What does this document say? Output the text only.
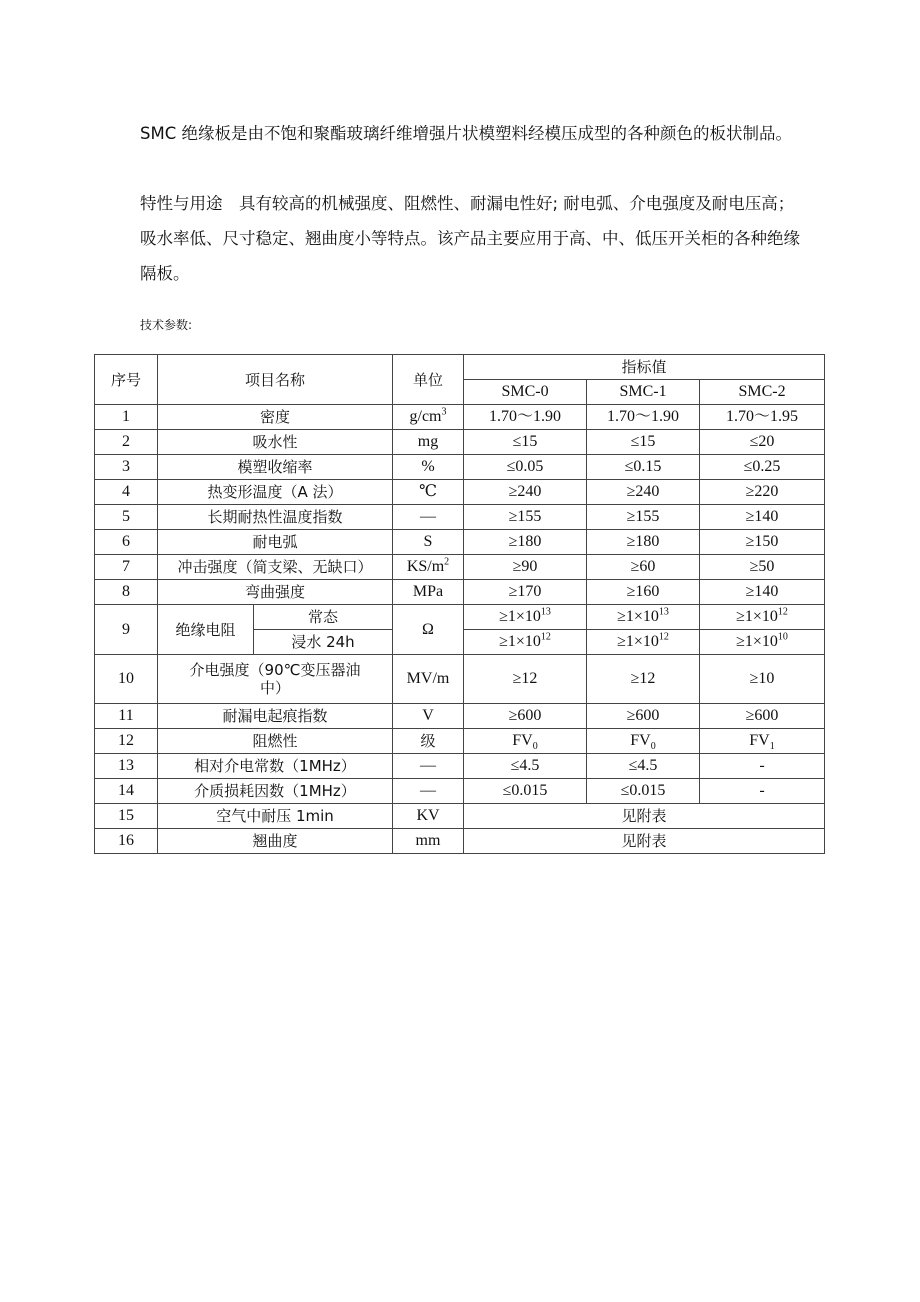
SMC 绝缘板是由不饱和聚酯玻璃纤维增强片状模塑料经模压成型的各种颜色的板状制品。

特性与用途　具有较高的机械强度、阻燃性、耐漏电性好; 耐电弧、介电强度及耐电压高；吸水率低、尺寸稳定、翘曲度小等特点。该产品主要应用于高、中、低压开关柜的各种绝缘隔板。

技术参数:
序号	项目名称		单位	指标值		
				SMC-0	SMC-1	SMC-2
1	密度		$g/cm^3$	1.70～1.90	1.70～1.90	1.70～1.95
2	吸水性		mg	≤15	≤15	≤20
3	模塑收缩率		%	≤0.05	≤0.15	≤0.25
4	热变形温度（A 法）		℃	≥240	≥240	≥220
5	长期耐热性温度指数		—	≥155	≥155	≥140
6	耐电弧		S	≥180	≥180	≥150
7	冲击强度（简支梁、无缺口）		$KS/m^2$	≥90	≥60	≥50
8	弯曲强度		MPa	≥170	≥160	≥140
9	绝缘电阻	常态	Ω	$\ge 1\times 10^{13}$	$\ge 1\times 10^{13}$	$\ge 1\times 10^{12}$
		浸水 24h		$\ge 1\times 10^{12}$	$\ge 1\times 10^{12}$	$\ge 1\times 10^{10}$
10	介电强度（90℃变压器油
中）		MV/m	≥12	≥12	≥10
11	耐漏电起痕指数		V	≥600	≥600	≥600
12	阻燃性		级	$FV_0$	$FV_0$	$FV_1$
13	相对介电常数（1MHz）		—	≤4.5	≤4.5	-
14	介质损耗因数（1MHz）		—	≤0.015	≤0.015	-
15	空气中耐压 1min		KV	见附表		
16	翘曲度		mm	见附表		
